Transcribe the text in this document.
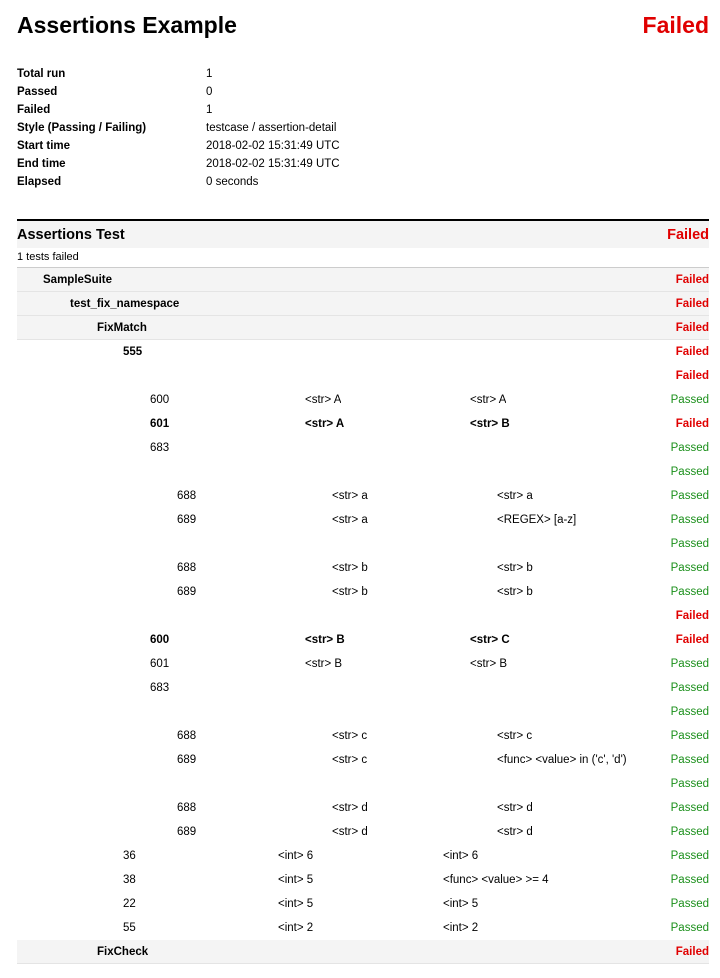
Assertions Example	Failed
Total run	1
Passed	0
Failed	1
Style (Passing / Failing)	testcase / assertion-detail
Start time	2018-02-02 15:31:49 UTC
End time	2018-02-02 15:31:49 UTC
Elapsed	0 seconds
Assertions Test	Failed
1 tests failed
SampleSuite	Failed
test_fix_namespace	Failed
FixMatch	Failed
555	Failed
Failed
600	<str> A	<str> A	Passed
601	<str> A	<str> B	Failed
683	Passed
Passed
688	<str> a	<str> a	Passed
689	<str> a	<REGEX> [a-z]	Passed
Passed
688	<str> b	<str> b	Passed
689	<str> b	<str> b	Passed
Failed
600	<str> B	<str> C	Failed
601	<str> B	<str> B	Passed
683	Passed
Passed
688	<str> c	<str> c	Passed
689	<str> c	<func> <value> in ('c', 'd')	Passed
Passed
688	<str> d	<str> d	Passed
689	<str> d	<str> d	Passed
36	<int> 6	<int> 6	Passed
38	<int> 5	<func> <value> >= 4	Passed
22	<int> 5	<int> 5	Passed
55	<int> 2	<int> 2	Passed
FixCheck	Failed
